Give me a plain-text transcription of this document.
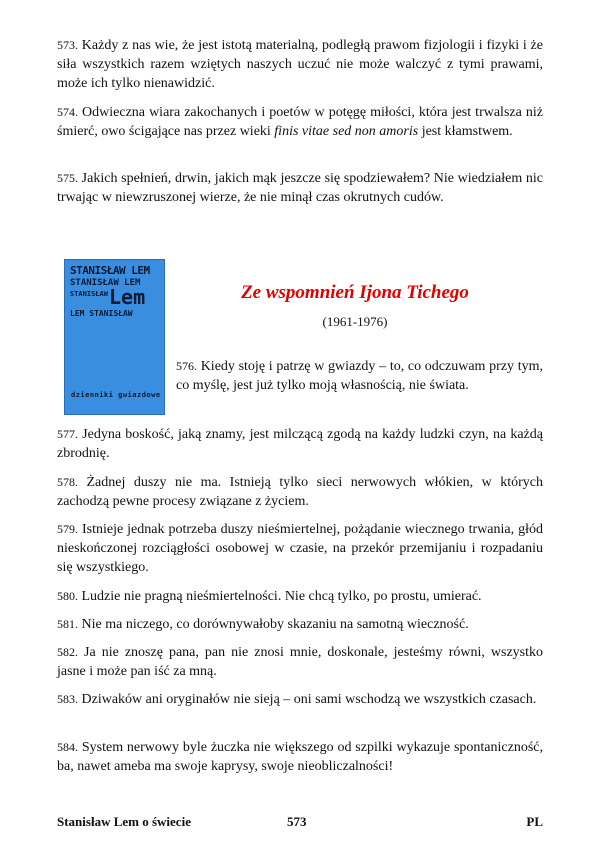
573. Każdy z nas wie, że jest istotą materialną, podległą prawom fizjologii i fizyki i że siła wszystkich razem wziętych naszych uczuć nie może walczyć z tymi prawami, może ich tylko nienawidzić.

574. Odwieczna wiara zakochanych i poetów w potęgę miłości, która jest trwalsza niż śmierć, owo ścigające nas przez wieki finis vitae sed non amoris jest kłamstwem.

575. Jakich spełnień, drwin, jakich mąk jeszcze się spodziewałem? Nie wiedziałem nic trwając w niewzruszonej wierze, że nie minął czas okrutnych cudów.

STANISŁAW LEM
STANISŁAW LEM
STANISŁAW Lem
LEM STANISŁAW
dzienniki gwiazdowe
Ze wspomnień Ijona Tichego
(1961-1976)

576. Kiedy stoję i patrzę w gwiazdy – to, co odczuwam przy tym, co myślę, jest już tylko moją własnością, nie świata.

577. Jedyna boskość, jaką znamy, jest milczącą zgodą na każdy ludzki czyn, na każdą zbrodnię.

578. Żadnej duszy nie ma. Istnieją tylko sieci nerwowych włókien, w których zachodzą pewne procesy związane z życiem.

579. Istnieje jednak potrzeba duszy nieśmiertelnej, pożądanie wiecznego trwania, głód nieskończonej rozciągłości osobowej w czasie, na przekór przemijaniu i rozpadaniu się wszystkiego.

580. Ludzie nie pragną nieśmiertelności. Nie chcą tylko, po prostu, umierać.

581. Nie ma niczego, co dorównywałoby skazaniu na samotną wieczność.

582. Ja nie znoszę pana, pan nie znosi mnie, doskonale, jesteśmy równi, wszystko jasne i może pan iść za mną.

583. Dziwaków ani oryginałów nie sieją – oni sami wschodzą we wszystkich czasach.

584. System nerwowy byle żuczka nie większego od szpilki wykazuje spontaniczność, ba, nawet ameba ma swoje kaprysy, swoje nieobliczalności!

Stanisław Lem o świecie	573	PL
